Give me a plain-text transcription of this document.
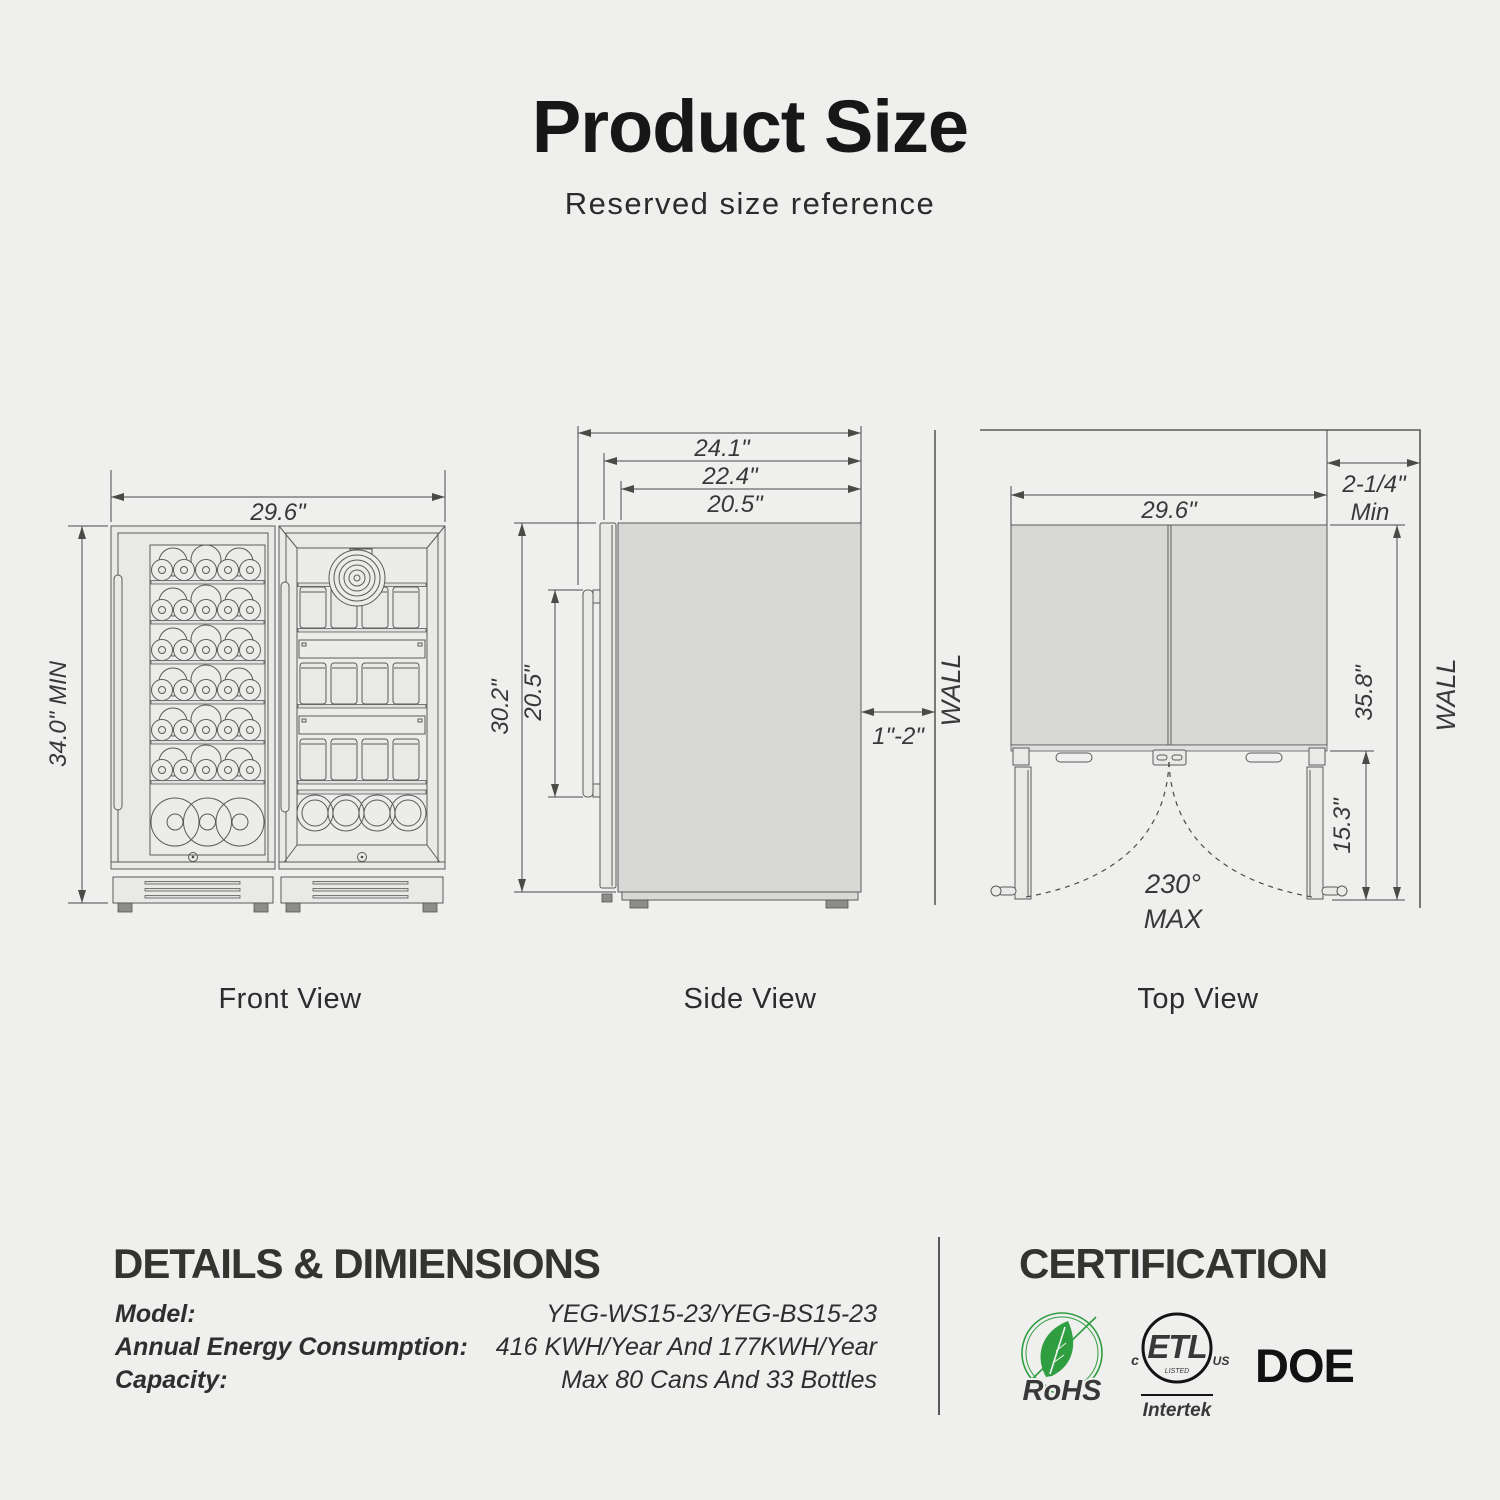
Product Size
Reserved size reference
29.6"
34.0" MIN
24.1"
22.4"
20.5"
30.2" 20.5"
1"-2"
WALL	WALL
29.6"
2-1/4"
Min
35.8"
15.3"
230°
MAX
Front View	Side View	Top View
DETAILS & DIMIENSIONS
Model:	YEG-WS15-23/YEG-BS15-23
Annual Energy Consumption: 416 KWH/Year And 177KWH/Year
Capacity:	Max 80 Cans And 33 Bottles
CERTIFICATION
RoHS
ETL
LISTED
c	US
Intertek
DOE
